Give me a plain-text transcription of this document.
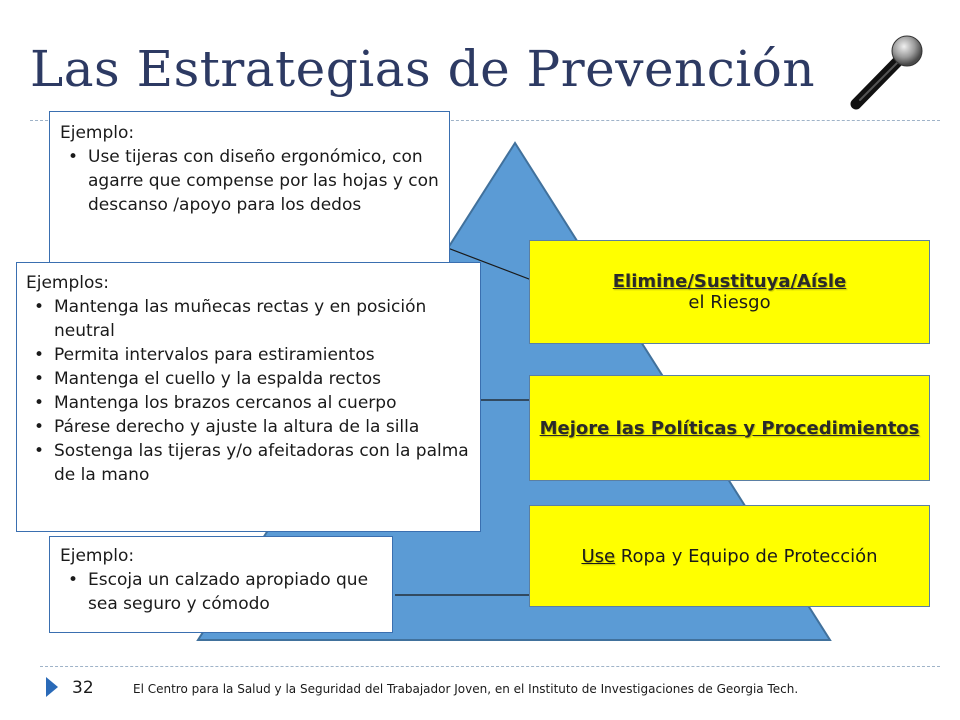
Las Estrategias de Prevención
Elimine/Sustituya/Aísle
el Riesgo
Mejore las Políticas y Procedimientos
Use Ropa y Equipo de Protección

Ejemplo:

• Use tijeras con diseño ergonómico, con agarre que compense por las hojas y con descanso /apoyo para los dedos

Ejemplos:

• Mantenga las muñecas rectas y en posición neutral
• Permita intervalos para estiramientos
• Mantenga el cuello y la espalda rectos
• Mantenga los brazos cercanos al cuerpo
• Párese derecho y ajuste la altura de la silla
• Sostenga las tijeras y/o afeitadoras con la palma de la mano

Ejemplo:

• Escoja un calzado apropiado que sea seguro y cómodo
32	El Centro para la Salud y la Seguridad del Trabajador Joven, en el Instituto de Investigaciones de Georgia Tech.
